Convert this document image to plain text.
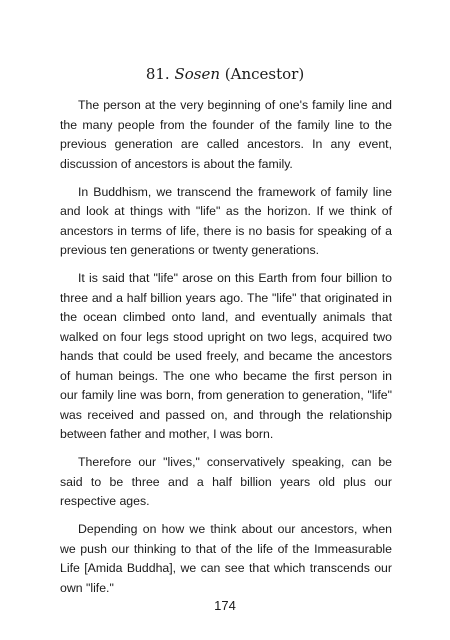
81. Sosen (Ancestor)

The person at the very beginning of one's family line and the many people from the founder of the family line to the previous generation are called ancestors. In any event, discussion of ancestors is about the family.

In Buddhism, we transcend the framework of family line and look at things with "life" as the horizon. If we think of ancestors in terms of life, there is no basis for speaking of a previous ten generations or twenty generations.

It is said that "life" arose on this Earth from four billion to three and a half billion years ago. The "life" that originated in the ocean climbed onto land, and eventually animals that walked on four legs stood upright on two legs, acquired two hands that could be used freely, and became the ancestors of human beings. The one who became the first person in our family line was born, from generation to generation, "life" was received and passed on, and through the relationship between father and mother, I was born.

Therefore our "lives," conservatively speaking, can be said to be three and a half billion years old plus our respective ages.

Depending on how we think about our ancestors, when we push our thinking to that of the life of the Immeasurable Life [Amida Buddha], we can see that which transcends our own "life."

174
